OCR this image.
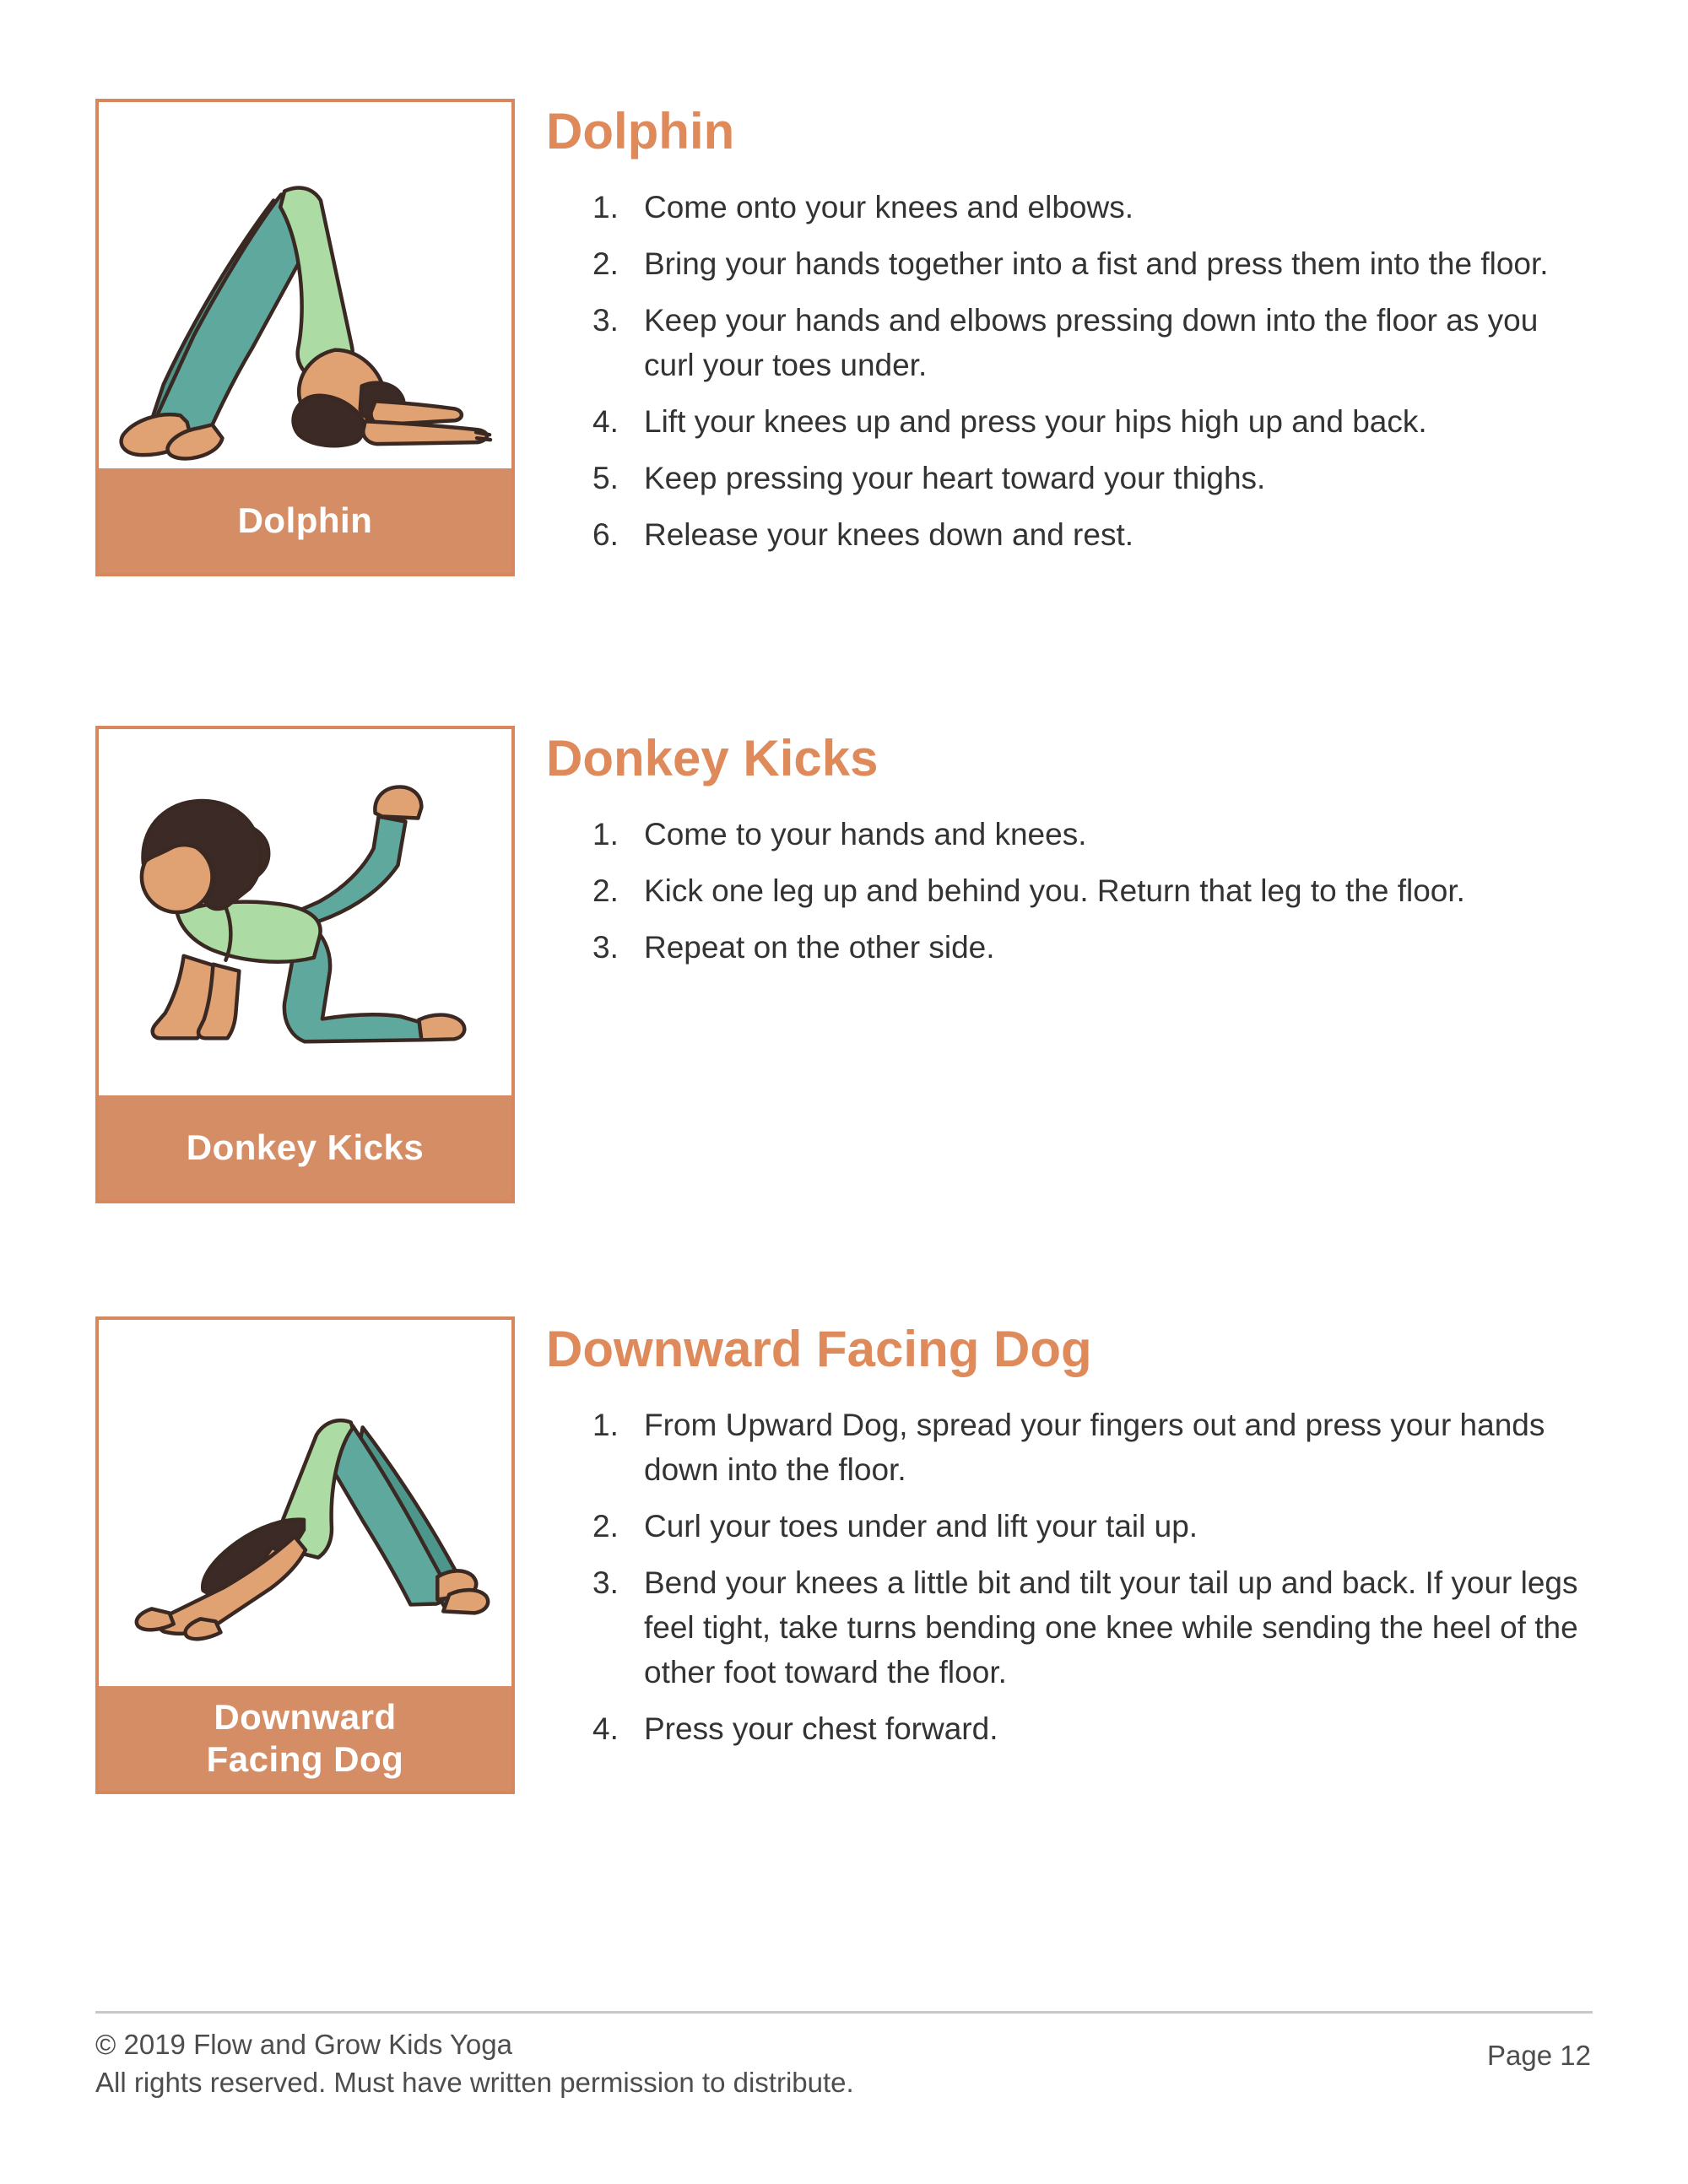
Dolphin
Dolphin
1. Come onto your knees and elbows.
2. Bring your hands together into a fist and press them into the floor.
3. Keep your hands and elbows pressing down into the floor as you curl your toes under.
4. Lift your knees up and press your hips high up and back.
5. Keep pressing your heart toward your thighs.
6. Release your knees down and rest.
Donkey Kicks
Donkey Kicks
1. Come to your hands and knees.
2. Kick one leg up and behind you. Return that leg to the floor.
3. Repeat on the other side.
Downward
Facing Dog
Downward Facing Dog
1. From Upward Dog, spread your fingers out and press your hands down into the floor.
2. Curl your toes under and lift your tail up.
3. Bend your knees a little bit and tilt your tail up and back. If your legs feel tight, take turns bending one knee while sending the heel of the other foot toward the floor.
4. Press your chest forward.
© 2019 Flow and Grow Kids Yoga
All rights reserved. Must have written permission to distribute.
Page 12
